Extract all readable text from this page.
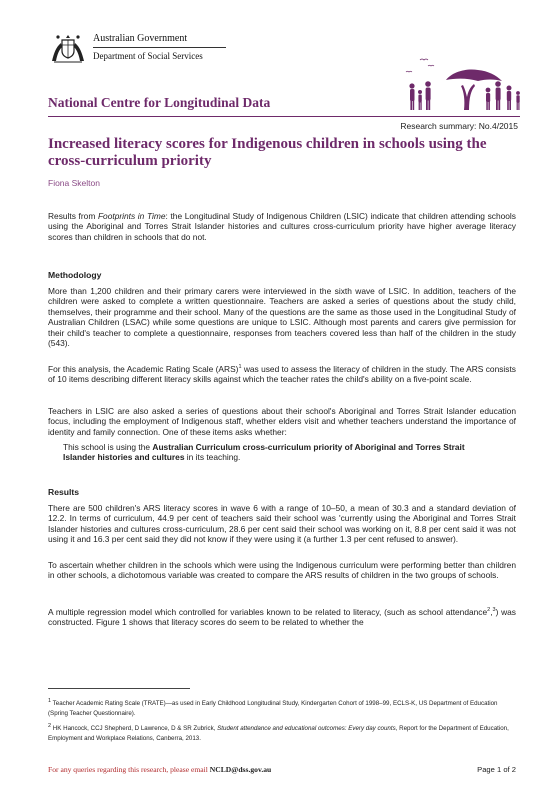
Australian Government
Department of Social Services
National Centre for Longitudinal Data
Research summary: No.4/2015
Increased literacy scores for Indigenous children in schools using the cross-curriculum priority
Fiona Skelton

Results from Footprints in Time: the Longitudinal Study of Indigenous Children (LSIC) indicate that children attending schools using the Aboriginal and Torres Strait Islander histories and cultures cross-curriculum priority have higher average literacy scores than children in schools that do not.

Methodology

More than 1,200 children and their primary carers were interviewed in the sixth wave of LSIC. In addition, teachers of the children were asked to complete a written questionnaire. Teachers are asked a series of questions about the study child, themselves, their programme and their school. Many of the questions are the same as those used in the Longitudinal Study of Australian Children (LSAC) while some questions are unique to LSIC. Although most parents and carers give permission for their child's teacher to complete a questionnaire, responses from teachers covered less than half of the children in the study (543).

For this analysis, the Academic Rating Scale (ARS)$^1$ was used to assess the literacy of children in the study. The ARS consists of 10 items describing different literacy skills against which the teacher rates the child's ability on a five-point scale.

Teachers in LSIC are also asked a series of questions about their school's Aboriginal and Torres Strait Islander education focus, including the employment of Indigenous staff, whether elders visit and whether teachers understand the importance of identity and family connection. One of these items asks whether:

This school is using the Australian Curriculum cross-curriculum priority of Aboriginal and Torres Strait Islander histories and cultures in its teaching.

Results

There are 500 children's ARS literacy scores in wave 6 with a range of 10–50, a mean of 30.3 and a standard deviation of 12.2. In terms of curriculum, 44.9 per cent of teachers said their school was 'currently using the Aboriginal and Torres Strait Islander histories and cultures cross-curriculum, 28.6 per cent said their school was working on it, 8.8 per cent said it was not using it and 16.3 per cent said they did not know if they were using it (a further 1.3 per cent refused to answer).

To ascertain whether children in the schools which were using the Indigenous curriculum were performing better than children in other schools, a dichotomous variable was created to compare the ARS results of children in the two groups of schools.

A multiple regression model which controlled for variables known to be related to literacy, (such as school attendance$^2$,$^3$) was constructed. Figure 1 shows that literacy scores do seem to be related to whether the

$^1$ Teacher Academic Rating Scale (TRATE)—as used in Early Childhood Longitudinal Study, Kindergarten Cohort of 1998–99, ECLS-K, US Department of Education (Spring Teacher Questionnaire).

$^2$ HK Hancock, CCJ Shepherd, D Lawrence, D & SR Zubrick, Student attendance and educational outcomes: Every day counts, Report for the Department of Education, Employment and Workplace Relations, Canberra, 2013.

For any queries regarding this research, please email NCLD@dss.gov.au	Page 1 of 2
